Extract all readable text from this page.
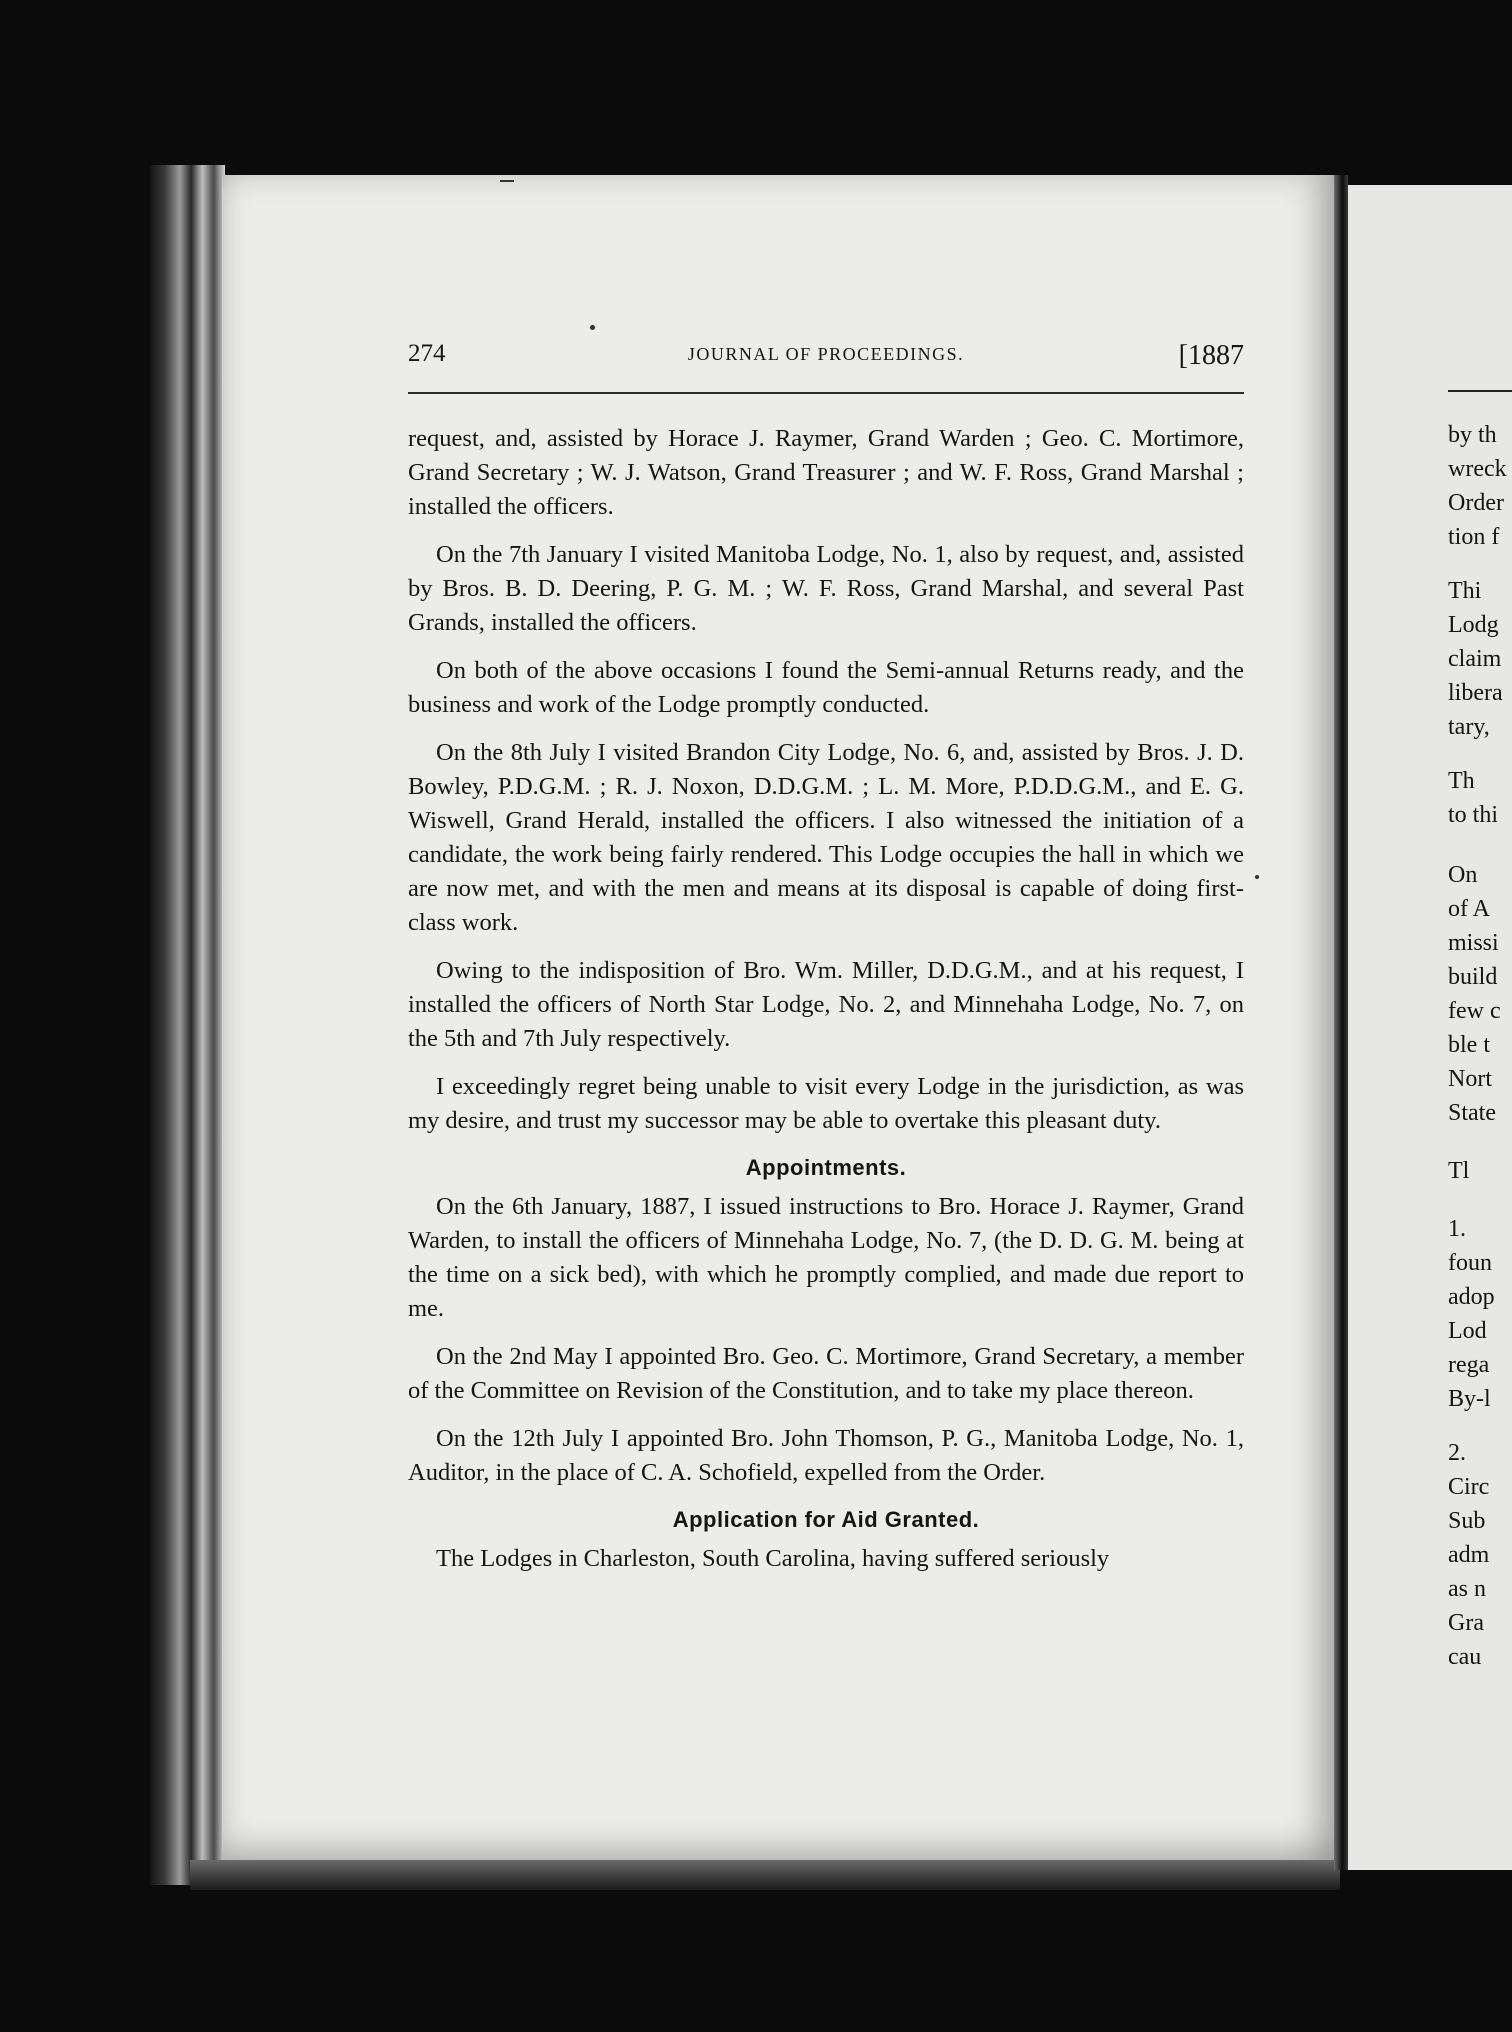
274	JOURNAL OF PROCEEDINGS.	[1887

request, and, assisted by Horace J. Raymer, Grand Warden ; Geo. C. Mortimore, Grand Secretary ; W. J. Watson, Grand Treasurer ; and W. F. Ross, Grand Marshal ; installed the officers.

On the 7th January I visited Manitoba Lodge, No. 1, also by request, and, assisted by Bros. B. D. Deering, P. G. M. ; W. F. Ross, Grand Marshal, and several Past Grands, installed the officers.

On both of the above occasions I found the Semi-annual Returns ready, and the business and work of the Lodge promptly conducted.

On the 8th July I visited Brandon City Lodge, No. 6, and, assisted by Bros. J. D. Bowley, P.D.G.M. ; R. J. Noxon, D.D.G.M. ; L. M. More, P.D.D.G.M., and E. G. Wiswell, Grand Herald, installed the officers. I also witnessed the initiation of a candidate, the work being fairly rendered. This Lodge occupies the hall in which we are now met, and with the men and means at its disposal is capable of doing first-class work.

Owing to the indisposition of Bro. Wm. Miller, D.D.G.M., and at his request, I installed the officers of North Star Lodge, No. 2, and Minnehaha Lodge, No. 7, on the 5th and 7th July respectively.

I exceedingly regret being unable to visit every Lodge in the jurisdiction, as was my desire, and trust my successor may be able to overtake this pleasant duty.

Appointments.

On the 6th January, 1887, I issued instructions to Bro. Horace J. Raymer, Grand Warden, to install the officers of Minnehaha Lodge, No. 7, (the D. D. G. M. being at the time on a sick bed), with which he promptly complied, and made due report to me.

On the 2nd May I appointed Bro. Geo. C. Mortimore, Grand Secretary, a member of the Committee on Revision of the Constitution, and to take my place thereon.

On the 12th July I appointed Bro. John Thomson, P. G., Manitoba Lodge, No. 1, Auditor, in the place of C. A. Schofield, expelled from the Order.

Application for Aid Granted.

The Lodges in Charleston, South Carolina, having suffered seriously

by th
wreck
Order
tion f
Thi
Lodg
claim
libera
tary,
Th
to thi
On
of A
missi
build
few c
ble t
Nort
State
Tl
1.
foun
adop
Lod
rega
By-l
2.
Circ
Sub
adm
as n
Gra
cau
